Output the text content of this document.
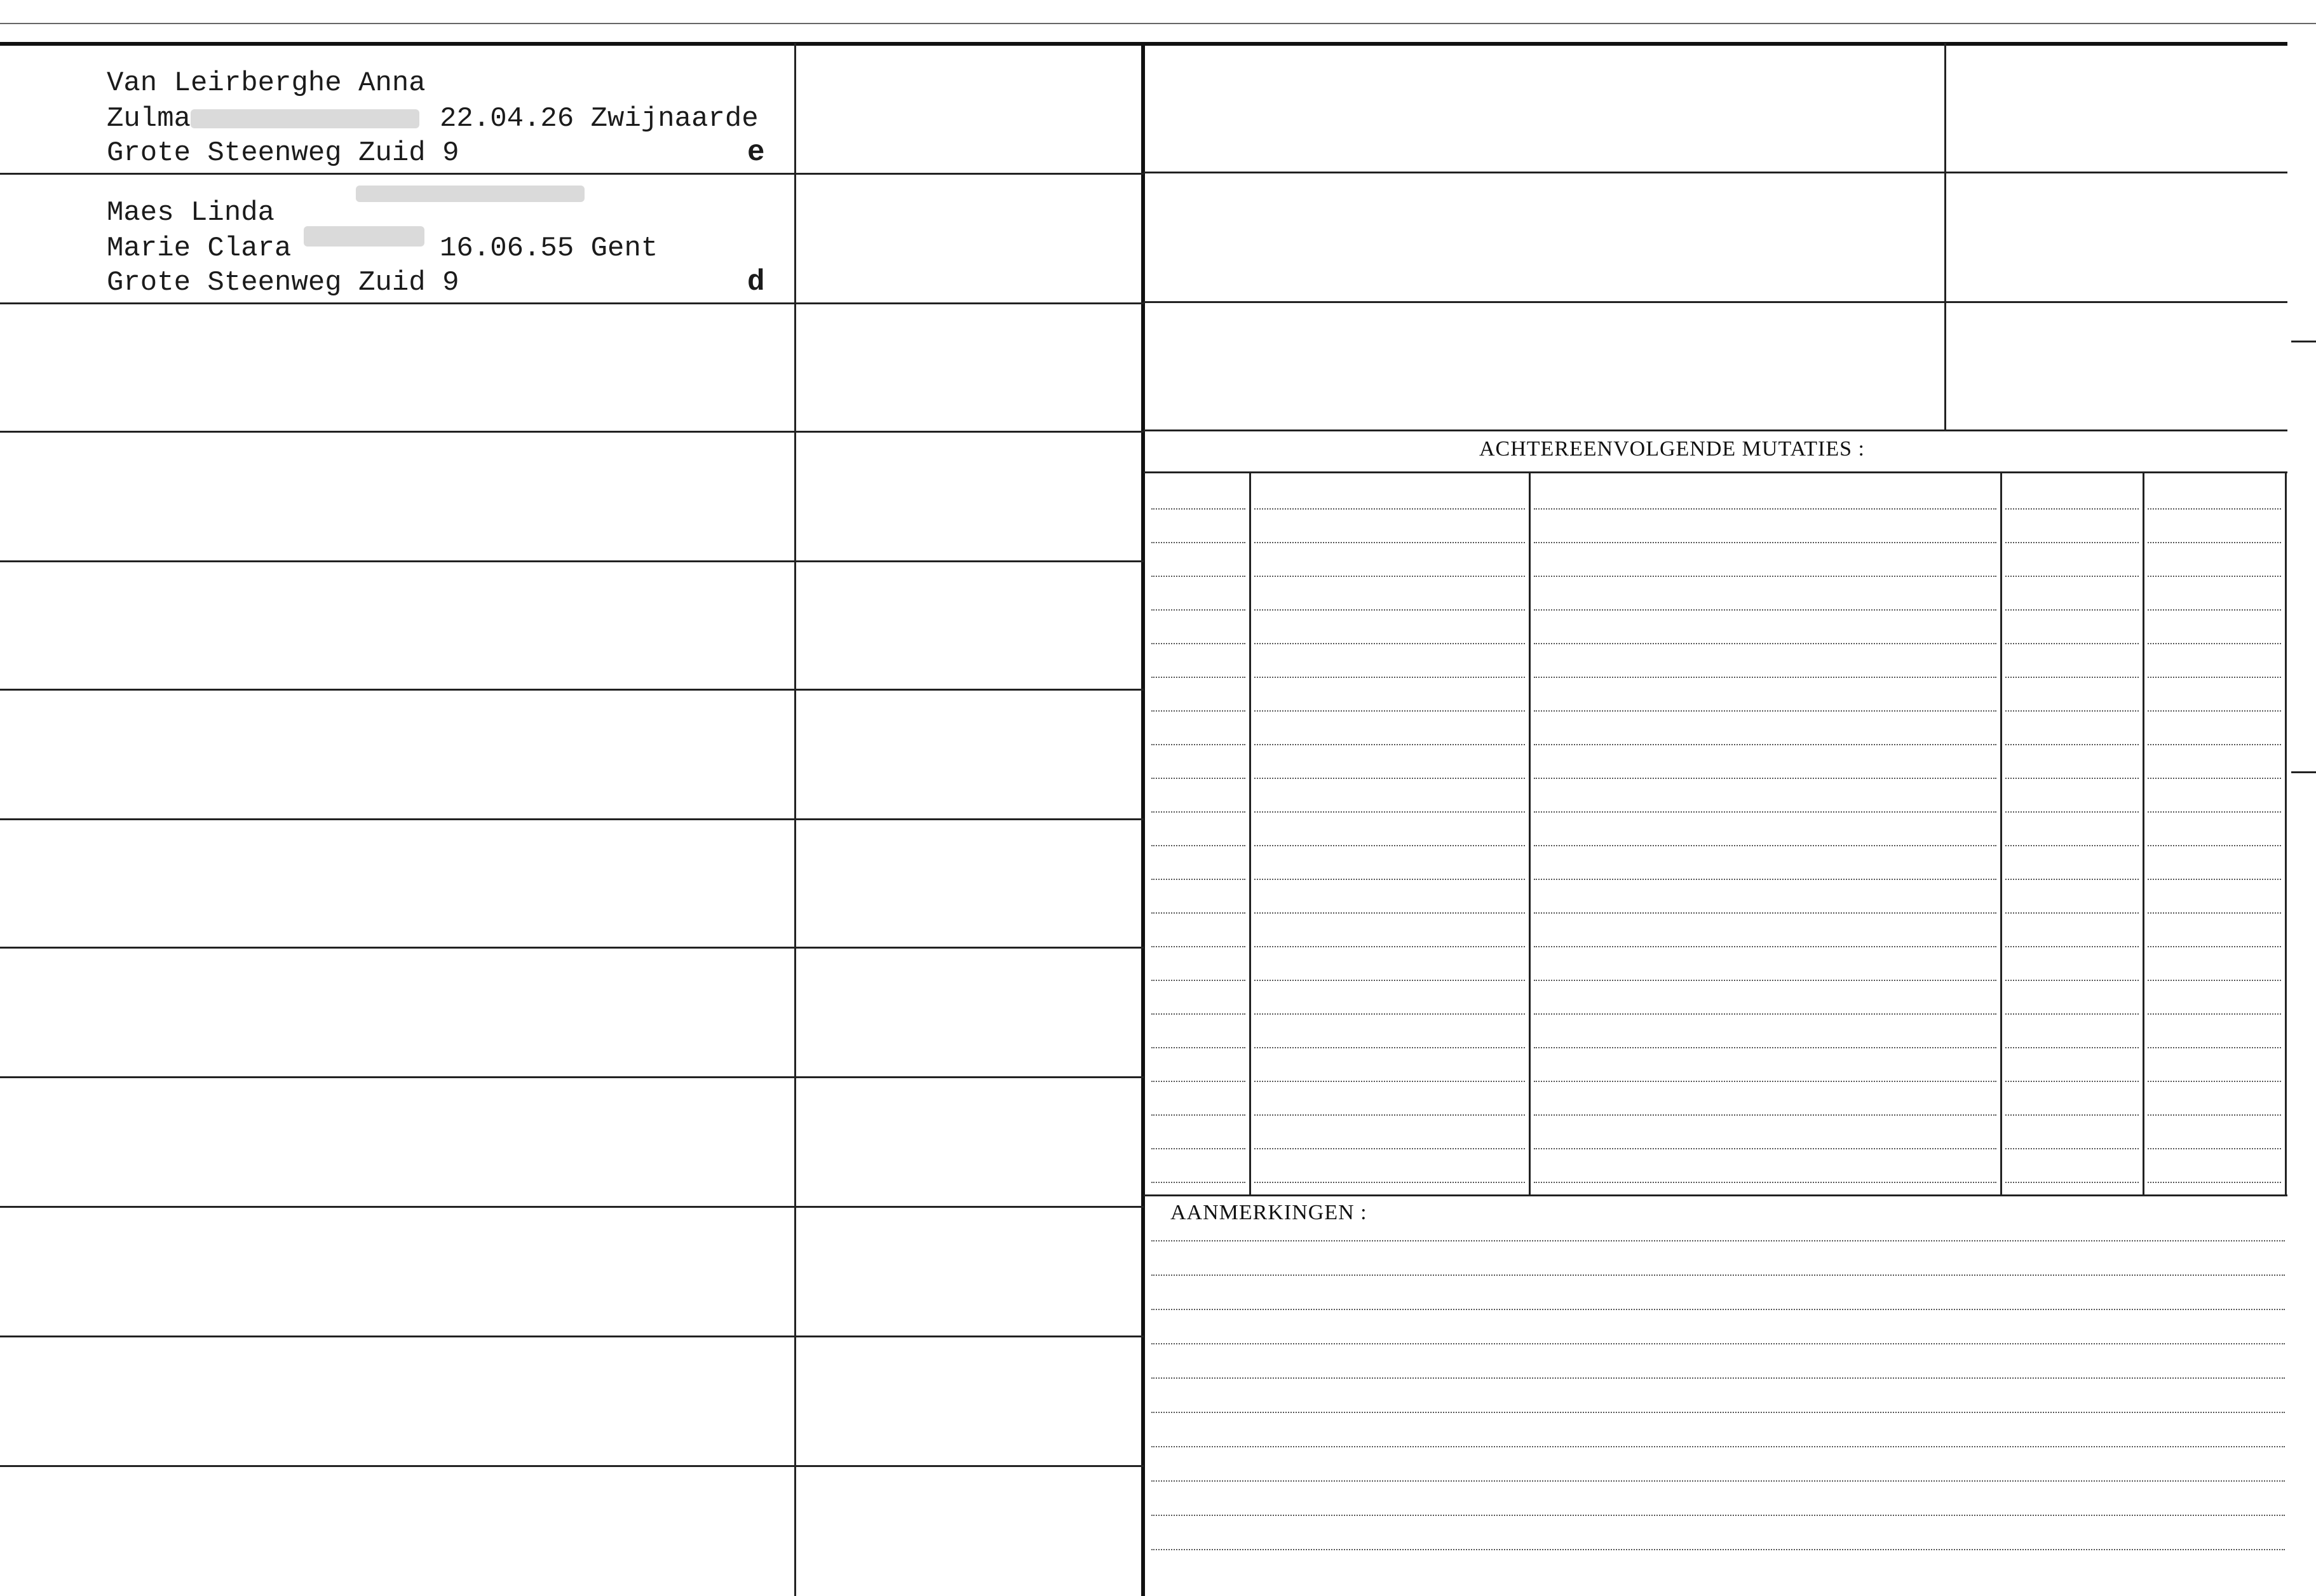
Van Leirberghe Anna
Zulma	22.04.26 Zwijnaarde
Grote Steenweg Zuid 9	e
Maes Linda
Marie Clara	16.06.55 Gent
Grote Steenweg Zuid 9	d
ACHTEREENVOLGENDE MUTATIES :
AANMERKINGEN :
